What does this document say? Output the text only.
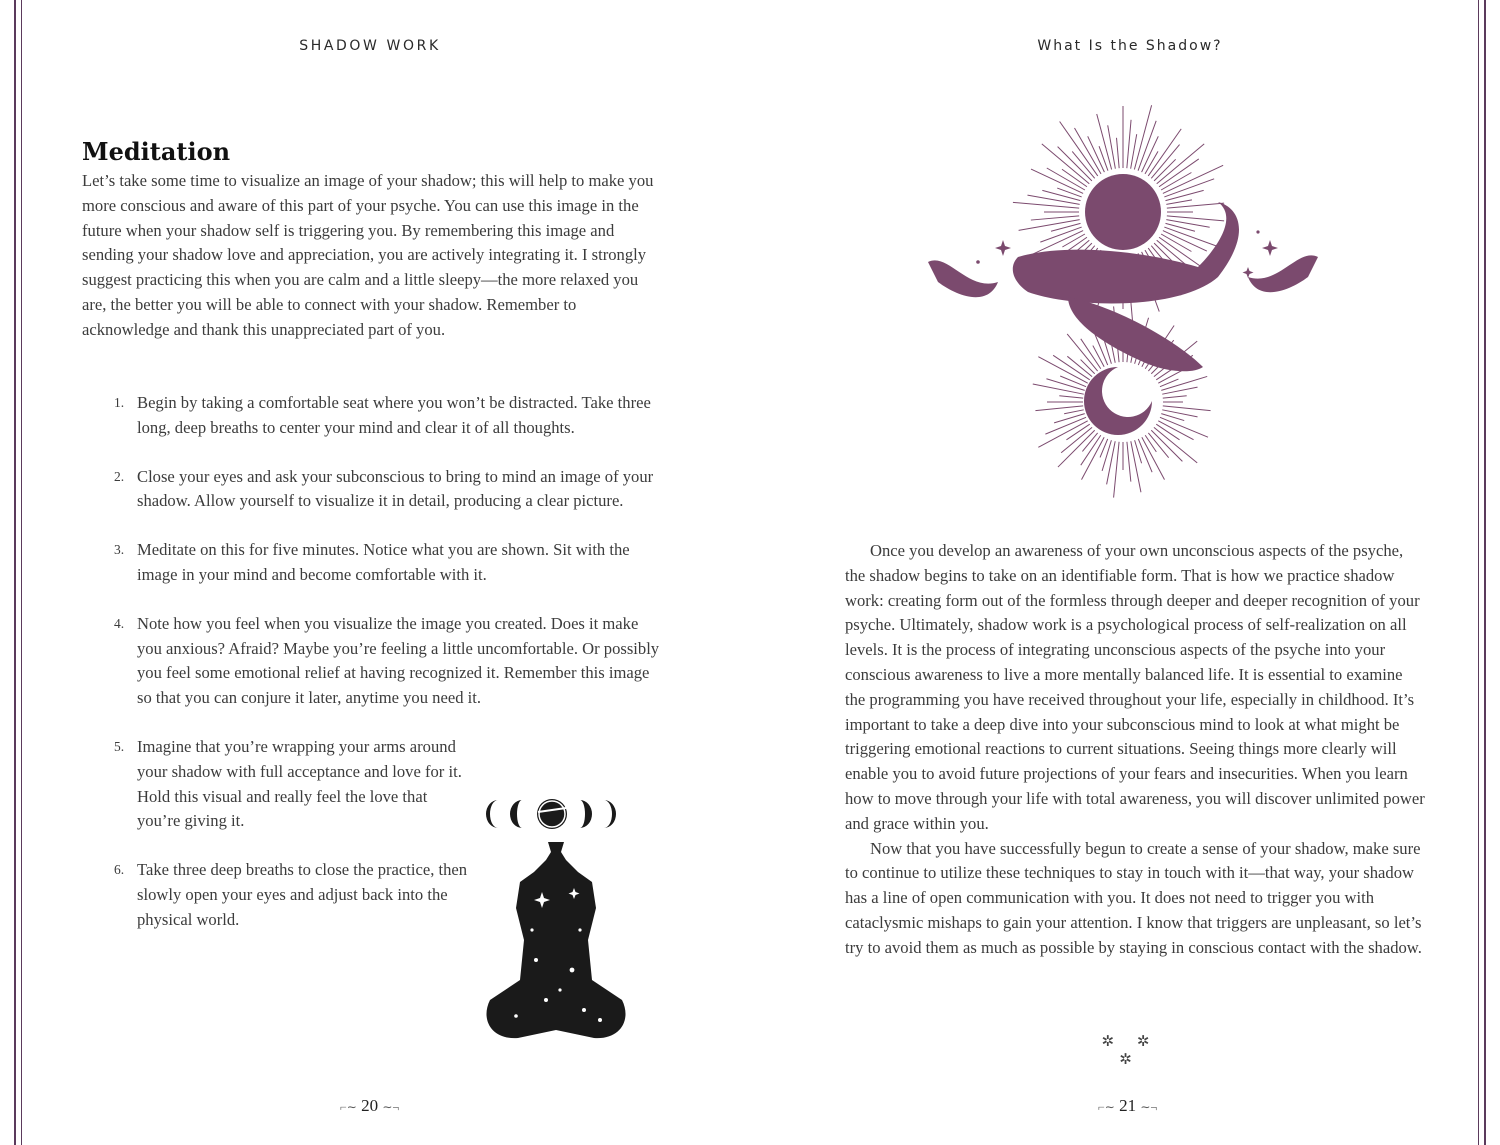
SHADOW WORK
Meditation

Let’s take some time to visualize an image of your shadow; this will help to make you more conscious and aware of this part of your psyche. You can use this image in the future when your shadow self is triggering you. By remembering this image and sending your shadow love and appreciation, you are actively integrating it. I strongly suggest practicing this when you are calm and a little sleepy—the more relaxed you are, the better you will be able to connect with your shadow. Remember to acknowledge and thank this unappreciated part of you.

1. Begin by taking a comfortable seat where you won’t be distracted. Take three long, deep breaths to center your mind and clear it of all thoughts.
2. Close your eyes and ask your subconscious to bring to mind an image of your shadow. Allow yourself to visualize it in detail, producing a clear picture.
3. Meditate on this for five minutes. Notice what you are shown. Sit with the image in your mind and become comfortable with it.
4. Note how you feel when you visualize the image you created. Does it make you anxious? Afraid? Maybe you’re feeling a little uncomfortable. Or possibly you feel some emotional relief at having recognized it. Remember this image so that you can conjure it later, anytime you need it.
5. Imagine that you’re wrapping your arms around your shadow with full acceptance and love for it. Hold this visual and really feel the love that you’re giving it.
6. Take three deep breaths to close the practice, then slowly open your eyes and adjust back into the physical world.
⌐∼ 20 ∼¬
What Is the Shadow?

Once you develop an awareness of your own unconscious aspects of the psyche, the shadow begins to take on an identifiable form. That is how we practice shadow work: creating form out of the formless through deeper and deeper recognition of your psyche. Ultimately, shadow work is a psychological process of self-realization on all levels. It is the process of integrating unconscious aspects of the psyche into your conscious awareness to live a more mentally balanced life. It is essential to examine the programming you have received throughout your life, especially in childhood. It’s important to take a deep dive into your subconscious mind to look at what might be triggering emotional reactions to current situations. Seeing things more clearly will enable you to avoid future projections of your fears and insecurities. When you learn how to move through your life with total awareness, you will discover unlimited power and grace within you.

Now that you have successfully begun to create a sense of your shadow, make sure to continue to utilize these techniques to stay in touch with it—that way, your shadow has a line of open communication with you. It does not need to trigger you with cataclysmic mishaps to gain your attention. I know that triggers are unpleasant, so let’s try to avoid them as much as possible by staying in conscious contact with the shadow.

✲ ✲ ✲
⌐∼ 21 ∼¬
